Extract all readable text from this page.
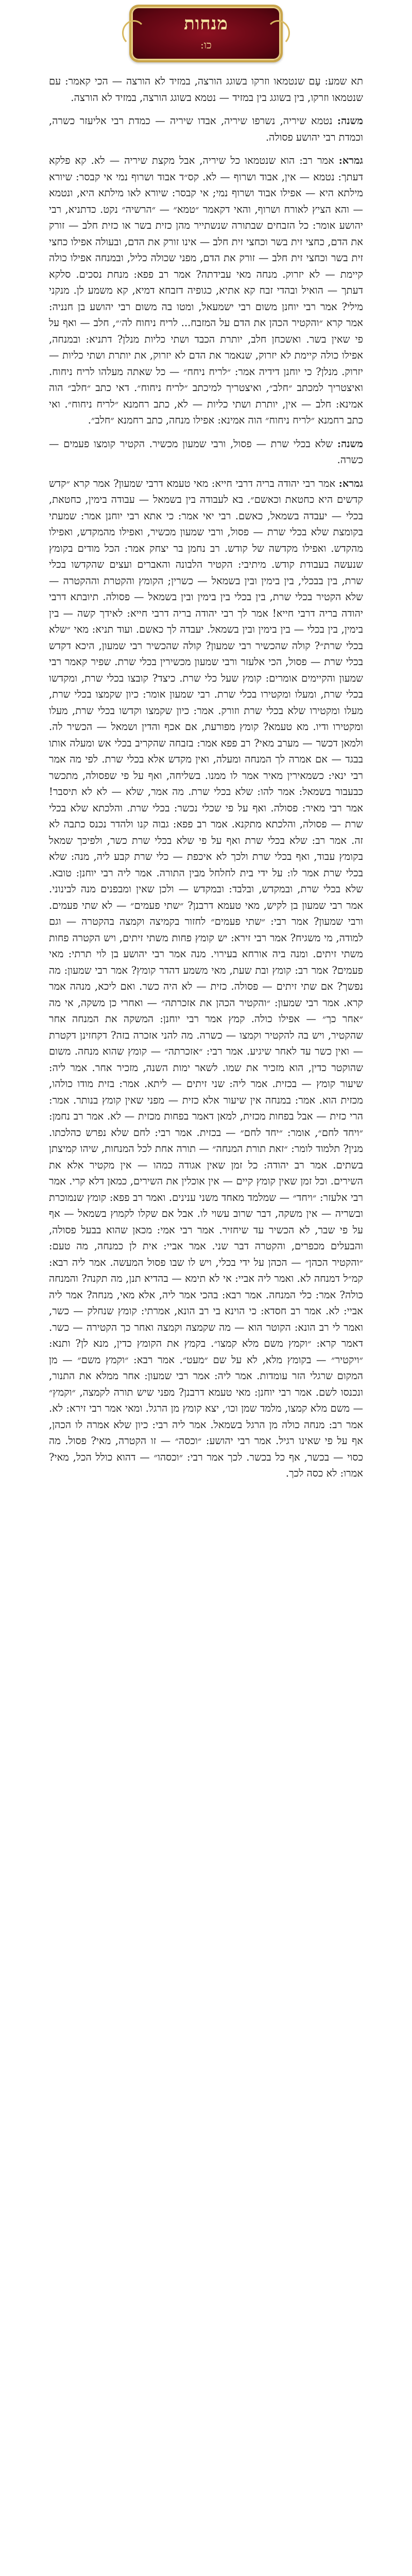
מנחות
כו:

תא שמע: עָם שנטמאו וזרקו בשוגג הורצה, במזיד לא הורצה — הכי קאמר: עם שנטמאו וזרקו, בין בשוגג בין במזיד — נטמא בשוגג הורצה, במזיד לא הורצה.

משנה: נטמא שיריה, נשרפו שיריה, אבדו שיריה — כמדת רבי אליעזר כשרה, וכמדת רבי יהושע פסולה.

גמרא: אמר רב: הוא שנטמאו כל שיריה, אבל מקצת שיריה — לא. קא פלקא דעתך: נטמא — אין, אבוד ושרוף — לא. קס״ד אבוד ושרוף נמי אי קבסר: שיורא מילתא היא — אפילו אבוד ושרוף נמי; אי קבסר: שיורא לאו מילתא היא, ונטמא — והא הציץ לאורח ושרוף, והאי דקאמר ״טמא״ — ״הרשיה״ נקט. כדתניא, רבי יהושע אומר: כל הזבחים שבתורה שנשתייר מהן כזית בשר או כזית חלב — זורק את הדם, כחצי זית בשר וכחצי זית חלב — אינו זורק את הדם, ובעולה אפילו כחצי זית בשר וכחצי זית חלב — זורק את הדם, מפני שכולה כליל, ובמנחה אפילו כולה קיימת — לא יזרוק. מנחה מאי עבידתה? אמר רב פפא: מנחת נסכים. סלקא דעתך — הואיל ובהדי זבח קא אתיא, כגופיה דזבחא דמיא, קא משמע לן. מנקני מילי? אמר רבי יוחנן משום רבי ישמעאל, ומטו בה משום רבי יהושע בן חנניה: אמר קרא ״והקטיר הכהן את הדם על המזבח... לריח ניחוח לה׳״, חלב — ואף על פי שאין בשר. ואשכחן חלב, יותרת הכבד ושתי כליות מנלן? דתניא: ובמנחה, אפילו כולה קיימת לא יזרוק, שנאמר את הדם לא יזרוק, את יותרת ושתי כליות — יזרוק. מנלן? כי יוחנן דידיה אמר: ״לריח ניחח״ — כל שאתה מעלהו לריח ניחוח. ואיצטריך למכתב ״חלב״, ואיצטריך למיכתב ״לריח ניחוח״. דאי כתב ״חלב״ הוה אמינא: חלב — אין, יותרת ושתי כליות — לא, כתב רחמנא ״לריח ניחוח״. ואי כתב רחמנא ״לריח ניחוח״ הוה אמינא: אפילו מנחה, כתב רחמנא ״חלב״.

משנה: שלא בכלי שרת — פסול, ורבי שמעון מכשיר. הקטיר קומצו פעמים — כשרה.

גמרא: אמר רבי יהודה בריה דרבי חייא: מאי טעמא דרבי שמעון? אמר קרא ״קדש קדשים היא כחטאת וכאשם״. בא לעבודה בין בשמאל — עבודה בימין, כחטאת, בכלי — יעבדה בשמאל, כאשם. רבי יאי אמר: כי אתא רבי יוחנן אמר: שמעתי בקומצת שלא בכלי שרת — פסול, ורבי שמעון מכשיר, ואפילו מהמקדש, ואפילו מהקדש. ואפילו מקדשה של קודש. רב נחמן בר יצחק אמר: הכל מודים בקומץ שנעשה בעבודת קודש. מיתיבי: הקטיר הלבונה והאברים ועצים שהקדשו בכלי שרת, בין בבכלי, בין בימין ובין בשמאל — כשרין; הקומץ והקטרת וההקטרה — שלא הקטיר בכלי שרת, בין בכלי בין בימין ובין בשמאל — פסולה. תיובתא דרבי יהודה בריה דרבי חייא! אמר לך רבי יהודה בריה דרבי חייא: לאידך קשה — בין בימין, בין בכלי — בין בימין ובין בשמאל. יעבדה לך כאשם. ועוד תניא: מאי ״שלא בכלי שרת״? קולה שהכשיר רבי שמעון? קולה שהכשיר רבי שמעון, היכא דקדש בכלי שרת — פסול, הכי אלעזר ורבי שמעון מכשירין בכלי שרת. שפיר קאמר רבי שמעון והקיימים אומרים: קומץ שעל כלי שרת. כיצד? קובצו בכלי שרת, ומקדשו בכלי שרת, ומעלו ומקטירו בכלי שרת. רבי שמעון אומר: כיון שקמצו בכלי שרת, מעלו ומקטירו שלא בכלי שרת וזורק. אמר: כיון שקמצו וקדשו בכלי שרת, מעלו ומקטירו ודיו. מא טעמא? קומץ מפורעת, אם אכף והדין ושמאל — הכשיר לה. ולמאן דכשר — מערב מאי? רב פפא אמר: בזבחה שהקריב בכלי אש ומעלה אותו בבגד — אם אמרה לך המנחה ומעלה, ואין מקדש אלא בכלי שרת. לפי מה אמר רבי ינאי: כשמאירין מאיר אמר לו ממנו. בשליחה, ואף על פי שפסולה, מתכשר כבעבור בשמאל: אמר להו: שלא בכלי שרת. מה אמר, שלא — לא לא תיסבר! אמר רבי מאיר: פסולה. ואף על פי שכלי נכשר: בכלי שרת. והלכתא שלא בכלי שרת — פסולה, והלכתא מתקנא. אמר רב פפא: גבוה קנו ולהדר נכנס כתבה לא זה. אמר רב: שלא בכלי שרת ואף על פי שלא בכלי שרת כשר, ולפיכך שמאל בקומץ עבוד, ואף בכלי שרת ולכך לא איכפת — כלי שרת קבע ליה, מנה: שלא בכלי שרת אמר לו: על ידי בית לחלחל מבין התורה. אמר ליה רבי יוחנן: טובא. שלא בכלי שרת, ובמקדש, ובלבד: ובמקדש — ולכן שאין ומבפנים מנה לבינוני. אמר רבי שמעון בן לקיש, מאי טעמא דרבנן? ״שתי פעמים״ — לא שתי פעמים. ורבי שמעון? אמר רבי: ״שתי פעמים״ לחזור בקמיצה וקמצה בהקטרה — וגם למודה, מי משגיח? אמר רבי זירא: יש קומץ פחות משתי זיתים, ויש הקטרה פחות משתי זיתים. ומנה ביה אורחא בעירוי. מנה אמר רבי יהושע בן לוי תרתי: מאי פעמים? אמר רב: קומץ ובת שעת, מאי משמע דהדר קומץ? אמר רבי שמעון: מה נפשך? אם שתי זיתים — פסולה. כזית — לא היה כשר. ואם ליכא, מנהה אמר קרא. אמר רבי שמעון: ״והקטיר הכהן את אזכרתה״ — ואחרי כן משקה, אי מה ״אחר כך״ — אפילו כולה. קמץ אמר רבי יוחנן: המשקה את המנחה אחר שהקטיר, ויש בה להקטיר וקמצו — כשרה. מה להני אזכרה בזה? דקחזינן דקטרת — ואין כשר עד לאחר שיגיע. אמר רבי: ״אזכרתה״ — קומץ שהוא מנחה. משום שהוקטר כדין, הוא מזכיר את שמו. לשאר ימות השנה, מזכיר אחר. אמר ליה: שיעור קומץ — בכזית. אמר ליה: שני זיתים — ליתא. אמר: בזית מודו כולהו, מכזית הוא. אמר: במנחה אין שיעור אלא כזית — מפני שאין קומץ בנותר. אמר: הרי כזית — אבל בפחות מכזית, למאן דאמר בפחות מכזית — לא. אמר רב נחמן: ״ויחד לחם״, אומר: ״יחד לחם״ — בכזית. אמר רבי: לחם שלא נפרש כהלכתו. מנין? תלמוד לומר: ״זאת תורת המנחה״ — תורה אחת לכל המנחות, שיהו קמיצתן בשתים. אמר רב יהודה: כל זמן שאין אגודה כמהו — אין מקטיר אלא את השירים. וכל זמן שאין קומץ קיים — אין אוכלין את השירים, כמאן דלא קרי. אמר רבי אלעזר: ״ויחד״ — שמלמד מאחד משני ענינים. ואמר רב פפא: קומץ שנמוכרת ובשריה — אין משקה, דבר שרוב עשוי לו. אבל אם שקלו לקמוץ בשמאל — אף על פי שבר, לא הכשיר עד שיחזיר. אמר רבי אמי: מכאן שהוא בבעל פסולה, והבעלים מכפרים, והקטרה דבר שני. אמר אביי: אית לן כמנחה, מה טעם: ״והקטיר הכהן״ — הכהן על ידי בכלי, ויש לו שבו פסול המעשה. אמר ליה רבא: קמ״ל דמנחה לא. ואמר ליה אביי: אי לא תימא — בהדיא תנן, מה תקנה? והמנחה כולה? אמר: כלי המנחה. אמר רבא: בהכי אמר ליה, אלא מאי, מנחה? אמר ליה אביי: לא. אמר רב חסדא: כי הוינא בי רב הונא, אמרתי: קומץ שנחלק — כשר, ואמר לי רב הונא: הקוטר הוא — מה שקמצה וקמצה ואחר כך הקטירה — כשר. דאמר קרא: ״וקמץ משם מלא קמצו״. בקמץ את הקומץ כדין, מנא לן? ותנא: ״ויקטיר״ — בקומץ מלא, לא על שם ״מעט״. אמר רבא: ״וקמץ משם״ — מן המקום שרגלי הזר עומדות. אמר ליה: אמר רבי שמעון: אחר ממלא את התנור, ונכנסו לשם. אמר רבי יוחנן: מאי טעמא דרבנן? מפני שיש תורה לקמצה, ״וקמץ״ — משם מלא קמצו, מלמד שמן וכו׳, יצא קומץ מן הרגל. ומאי אמר רבי זירא: לא. אמר רב: מנחה כולה מן הרגל בשמאל. אמר ליה רבי: כיון שלא אמרה לו הכהן, אף על פי שאינו רגיל. אמר רבי יהושע: ״וכסה״ — זו הקטרה, מאי? פסול. מה כסוי — בכשר, אף כל בכשר. לכך אמר רבי: ״וכסהו״ — דהוא כולל הכל, מאי? אמרו: לא כסה לכך.
